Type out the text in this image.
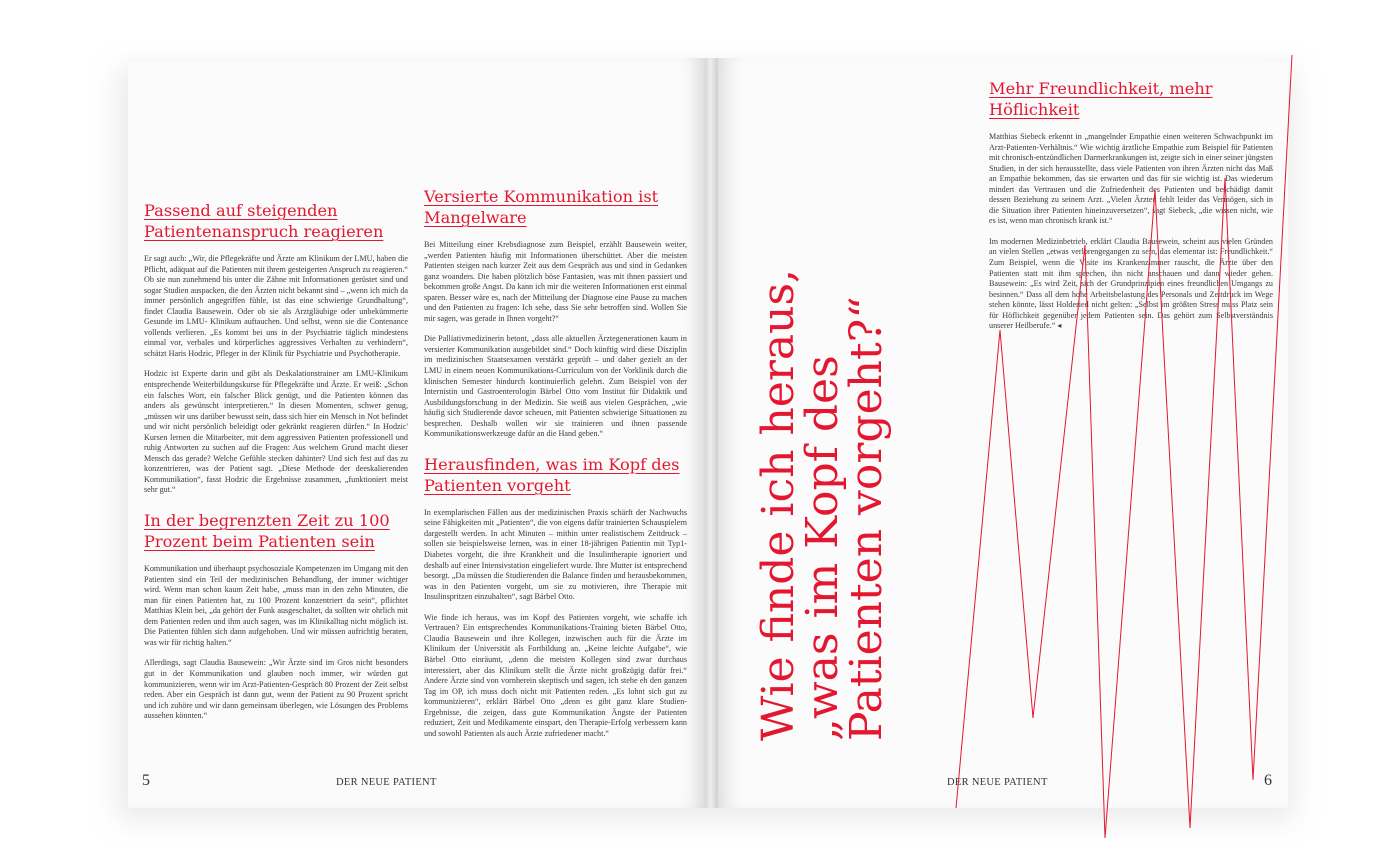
Passend auf steigenden Patientenanspruch reagieren

Er sagt auch: „Wir, die Pflegekräfte und Ärzte am Klinikum der LMU, haben die Pflicht, adäquat auf die Patienten mit ihrem gesteigerten Anspruch zu reagieren.“ Ob sie nun zunehmend bis unter die Zähne mit Informationen gerüstet sind und sogar Studien auspacken, die den Ärzten nicht bekannt sind – „wenn ich mich da immer persönlich angegriffen fühle, ist das eine schwierige Grundhaltung“, findet Claudia Bausewein. Oder ob sie als Arztgläubige oder unbekümmerte Gesunde im LMU- Klinikum auftauchen. Und selbst, wenn sie die Contenance vollends verlieren. „Es kommt bei uns in der Psychiatrie täglich mindestens einmal vor, verbales und körperliches aggressives Verhalten zu verhindern“, schätzt Haris Hodzic, Pfleger in der Klinik für Psychiatrie und Psychotherapie.

Hodzic ist Experte darin und gibt als Deskalationstrainer am LMU-Klinikum entsprechende Weiterbildungskurse für Pflegekräfte und Ärzte. Er weiß: „Schon ein falsches Wort, ein falscher Blick genügt, und die Patienten können das anders als gewünscht interpretieren.“ In diesen Momenten, schwer genug, „müssen wir uns darüber bewusst sein, dass sich hier ein Mensch in Not befindet und wir nicht persönlich beleidigt oder gekränkt reagieren dürfen.“ In Hodzic' Kursen lernen die Mitarbeiter, mit dem aggressiven Patienten professionell und ruhig Antworten zu suchen auf die Fragen: Aus welchem Grund macht dieser Mensch das gerade? Welche Gefühle stecken dahinter? Und sich fest auf das zu konzentrieren, was der Patient sagt. „Diese Methode der deeskalierenden Kommunikation“, fasst Hodzic die Ergebnisse zusammen, „funktioniert meist sehr gut.“

In der begrenzten Zeit zu 100 Prozent beim Patienten sein

Kommunikation und überhaupt psychosoziale Kompetenzen im Umgang mit den Patienten sind ein Teil der medizinischen Behandlung, der immer wichtiger wird. Wenn man schon kaum Zeit habe, „muss man in den zehn Minuten, die man für einen Patienten hat, zu 100 Prozent konzentriert da sein“, pflichtet Matthias Klein bei, „da gehört der Funk ausgeschaltet, da sollten wir ohrlich mit dem Patienten reden und ihm auch sagen, was im Klinikalltag nicht möglich ist. Die Patienten fühlen sich dann aufgehoben. Und wir müssen aufrichtig beraten, was wir für richtig halten.“

Allerdings, sagt Claudia Bausewein: „Wir Ärzte sind im Gros nicht besonders gut in der Kommunikation und glauben noch immer, wir würden gut kommunizieren, wenn wir im Arzt-Patienten-Gespräch 80 Prozent der Zeit selbst reden. Aber ein Gespräch ist dann gut, wenn der Patient zu 90 Prozent spricht und ich zuhöre und wir dann gemeinsam überlegen, wie Lösungen des Problems aussehen könnten.“

Versierte Kommunikation ist Mangelware

Bei Mitteilung einer Krebsdiagnose zum Beispiel, erzählt Bausewein weiter, „werden Patienten häufig mit Informationen überschüttet. Aber die meisten Patienten steigen nach kurzer Zeit aus dem Gespräch aus und sind in Gedanken ganz woanders. Die haben plötzlich böse Fantasien, was mit ihnen passiert und bekommen große Angst. Da kann ich mir die weiteren Informationen erst einmal sparen. Besser wäre es, nach der Mitteilung der Diagnose eine Pause zu machen und den Patienten zu fragen: Ich sehe, dass Sie sehr betroffen sind. Wollen Sie mir sagen, was gerade in Ihnen vorgeht?“

Die Palliativmedizinerin betont, „dass alle aktuellen Ärztegenerationen kaum in versierter Kommunikation ausgebildet sind.“ Doch künftig wird diese Disziplin im medizinischen Staatsexamen verstärkt geprüft – und daher gezielt an der LMU in einem neuen Kommunikations-Curriculum von der Vorklinik durch die klinischen Semester hindurch kontinuierlich gelehrt. Zum Beispiel von der Internistin und Gastroenterologin Bärbel Otto vom Institut für Didaktik und Ausbildungsforschung in der Medizin. Sie weiß aus vielen Gesprächen, „wie häufig sich Studierende davor scheuen, mit Patienten schwierige Situationen zu besprechen. Deshalb wollen wir sie trainieren und ihnen passende Kommunikationswerkzeuge dafür an die Hand geben.“

Herausfinden, was im Kopf des Patienten vorgeht

In exemplarischen Fällen aus der medizinischen Praxis schärft der Nachwuchs seine Fähigkeiten mit „Patienten“, die von eigens dafür trainierten Schauspielern dargestellt werden. In acht Minuten – mithin unter realistischem Zeitdruck – sollen sie beispielsweise lernen, was in einer 18-jährigen Patientin mit Typ1-Diabetes vorgeht, die ihre Krankheit und die Insulintherapie ignoriert und deshalb auf einer Intensivstation eingeliefert wurde. Ihre Mutter ist entsprechend besorgt. „Da müssen die Studierenden die Balance finden und herausbekommen, was in den Patienten vorgeht, um sie zu motivieren, ihre Therapie mit Insulinspritzen einzuhalten“, sagt Bärbel Otto.

Wie finde ich heraus, was im Kopf des Patienten vorgeht, wie schaffe ich Vertrauen? Ein entsprechendes Kommunikations-Training bieten Bärbel Otto, Claudia Bausewein und ihre Kollegen, inzwischen auch für die Ärzte im Klinikum der Universität als Fortbildung an. „Keine leichte Aufgabe“, wie Bärbel Otto einräumt, „denn die meisten Kollegen sind zwar durchaus interessiert, aber das Klinikum stellt die Ärzte nicht großzügig dafür frei.“ Andere Ärzte sind von vornherein skeptisch und sagen, ich stehe eh den ganzen Tag im OP, ich muss doch nicht mit Patienten reden. „Es lohnt sich gut zu kommunizieren“, erklärt Bärbel Otto „denn es gibt ganz klare Studien-Ergebnisse, die zeigen, dass gute Kommunikation Ängste der Patienten reduziert, Zeit und Medikamente einspart, den Therapie-Erfolg verbessern kann und sowohl Patienten als auch Ärzte zufriedener macht.“

5	DER NEUE PATIENT
Mehr Freundlichkeit, mehr Höflichkeit

Matthias Siebeck erkennt in „mangelnder Empathie einen weiteren Schwachpunkt im Arzt-Patienten-Verhältnis.“ Wie wichtig ärztliche Empathie zum Beispiel für Patienten mit chronisch-entzündlichen Darmerkrankungen ist, zeigte sich in einer seiner jüngsten Studien, in der sich herausstellte, dass viele Patienten von ihren Ärzten nicht das Maß an Empathie bekommen, das sie erwarten und das für sie wichtig ist. Das wiederum mindert das Vertrauen und die Zufriedenheit des Patienten und beschädigt damit dessen Beziehung zu seinem Arzt. „Vielen Ärzten fehlt leider das Vermögen, sich in die Situation ihrer Patienten hineinzuversetzen“, sagt Siebeck, „die wissen nicht, wie es ist, wenn man chronisch krank ist.“

Im modernen Medizinbetrieb, erklärt Claudia Bausewein, scheint aus vielen Gründen an vielen Stellen „etwas verlorengegangen zu sein, das elementar ist: Freundlichkeit.“ Zum Beispiel, wenn die Visite ins Krankenzimmer rauscht, die Ärzte über den Patienten statt mit ihm sprechen, ihn nicht anschauen und dann wieder gehen. Bausewein: „Es wird Zeit, sich der Grundprinzipien eines freundlichen Umgangs zu besinnen.“ Dass all dem hohe Arbeitsbelastung des Personals und Zeitdruck im Wege stehen könnte, lässt Holderied nicht gelten: „Selbst im größten Stress muss Platz sein für Höflichkeit gegenüber jedem Patienten sein. Das gehört zum Selbstverständnis unserer Heilberufe.“ ◂

DER NEUE PATIENT	6
Wie finde ich heraus,
„was im Kopf des
Patienten vorgeht?“
